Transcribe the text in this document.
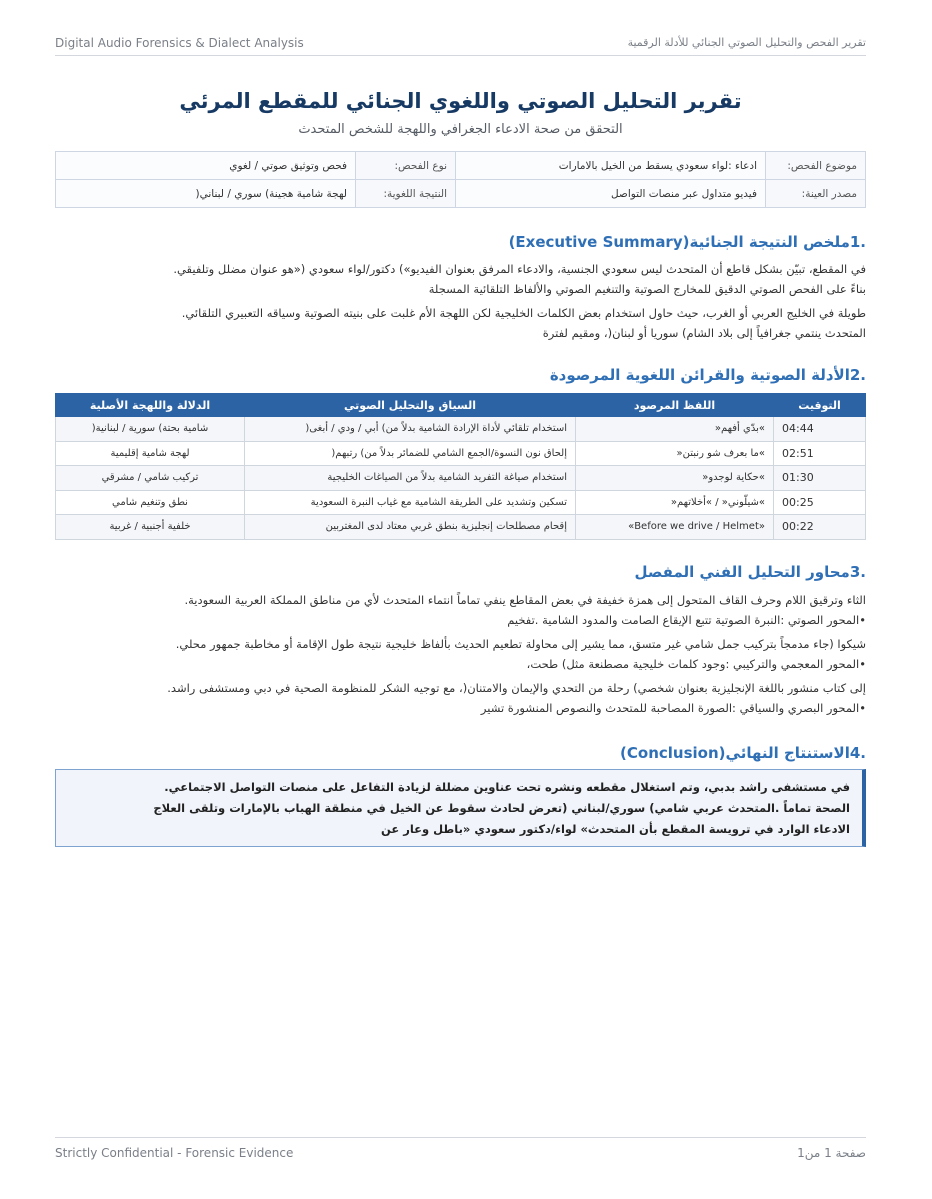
Digital Audio Forensics & Dialect Analysis	تقرير الفحص والتحليل الصوتي الجنائي للأدلة الرقمية
تقرير التحليل الصوتي واللغوي الجنائي للمقطع المرئي
التحقق من صحة الادعاء الجغرافي واللهجة للشخص المتحدث
موضوع الفحص:	ادعاء :لواء سعودي يسقط من الخيل بالامارات	نوع الفحص:	فحص وتوثيق صوتي / لغوي
مصدر العينة:	فيديو متداول عبر منصات التواصل	النتيجة اللغوية:	لهجة شامية هجينة) سوري / لبناني(
.1ملخص النتيجة الجنائية(Executive Summary)

في المقطع، تبيّن بشكل قاطع أن المتحدث ليس سعودي الجنسية، والادعاء المرفق بعنوان الفيديو») دكتور/لواء سعودي («هو عنوان مضلل وتلفيقي.

بناءً على الفحص الصوتي الدقيق للمخارج الصوتية والتنغيم الصوتي والألفاظ التلقائية المسجلة

طويلة في الخليج العربي أو الغرب، حيث حاول استخدام بعض الكلمات الخليجية لكن اللهجة الأم غلبت على بنيته الصوتية وسياقه التعبيري التلقائي.

المتحدث ينتمي جغرافياً إلى بلاد الشام) سوريا أو لبنان(، ومقيم لفترة

.2الأدلة الصوتية والقرائن اللغوية المرصودة
التوقيت	اللفظ المرصود	السياق والتحليل الصوتي	الدلالة واللهجة الأصلية
04:44	»بدّي أفهم«	استخدام تلقائي لأداة الإرادة الشامية بدلاً من) أبي / ودي / أبغى(	شامية بحتة) سورية / لبنانية(
02:51	»ما بعرف شو رنبتن«	إلحاق نون النسوة/الجمع الشامي للضمائر بدلاً من) رتبهم(	لهجة شامية إقليمية
01:30	»حكاية لوجدو«	استخدام صياغة التفريد الشامية بدلاً من الصياغات الخليجية	تركيب شامي / مشرقي
00:25	»شيلّوني« / »أخلاتهم«	تسكين وتشديد على الطريقة الشامية مع غياب النبرة السعودية	نطق وتنغيم شامي
00:22	«Before we drive / Helmet»	إقحام مصطلحات إنجليزية بنطق غربي معتاد لدى المغتربين	خلفية أجنبية / غربية
.3محاور التحليل الفني المفصل

الثاء وترقيق اللام وحرف القاف المتحول إلى همزة خفيفة في بعض المقاطع ينفي تماماً انتماء المتحدث لأي من مناطق المملكة العربية السعودية.

•المحور الصوتي :النبرة الصوتية تتبع الإيقاع الصامت والمدود الشامية .تفخيم

شيكوا (جاء مدمجاً بتركيب جمل شامي غير متسق، مما يشير إلى محاولة تطعيم الحديث بألفاظ خليجية نتيجة طول الإقامة أو مخاطبة جمهور محلي.

•المحور المعجمي والتركيبي :وجود كلمات خليجية مصطنعة مثل) طحت،

إلى كتاب منشور باللغة الإنجليزية بعنوان شخصي) رحلة من التحدي والإيمان والامتنان(، مع توجيه الشكر للمنظومة الصحية في دبي ومستشفى راشد.

•المحور البصري والسياقي :الصورة المصاحبة للمتحدث والنصوص المنشورة تشير

.4الاستنتاج النهائي(Conclusion)

في مستشفى راشد بدبي، وتم استغلال مقطعه ونشره تحت عناوين مضللة لزيادة التفاعل على منصات التواصل الاجتماعي.

الصحة تماماً .المتحدث عربي شامي) سوري/لبناني (تعرض لحادث سقوط عن الخيل في منطقة الهباب بالإمارات وتلقى العلاج

الادعاء الوارد في ترويسة المقطع بأن المتحدث» لواء/دكتور سعودي «باطل وعار عن

Strictly Confidential - Forensic Evidence	صفحة 1 من1
